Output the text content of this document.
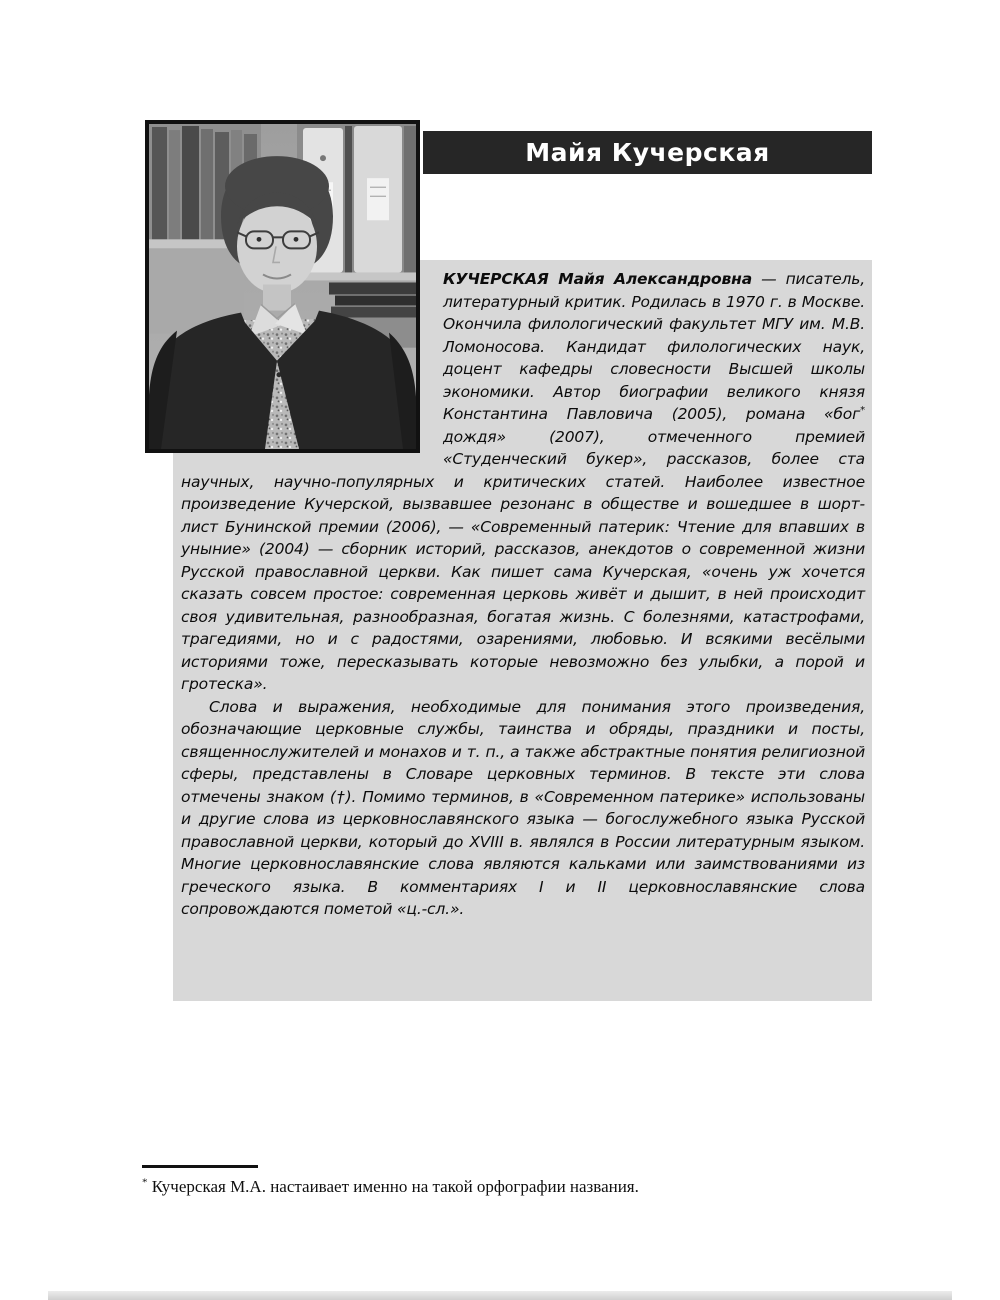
КУЧЕРСКАЯ Майя Александровна — писатель, литературный критик. Родилась в 1970 г. в Москве. Окончила филологический факультет МГУ им. М.В. Ломоносова. Кандидат филологических наук, доцент кафедры словесности Высшей школы экономики. Автор биографии великого князя Константина Павловича (2005), романа «бог* дождя» (2007), отмеченного премией «Студенческий букер», рассказов, более ста научных, научно-популярных и критических статей. Наиболее известное произведение Кучерской, вызвавшее резонанс в обществе и вошедшее в шорт-лист Бунинской премии (2006), — «Современный патерик: Чтение для впавших в уныние» (2004) — сборник историй, рассказов, анекдотов о современной жизни Русской православной церкви. Как пишет сама Кучерская, «очень уж хочется сказать совсем простое: современная церковь живёт и дышит, в ней происходит своя удивительная, разнообразная, богатая жизнь. С болезнями, катастрофами, трагедиями, но и с радостями, озарениями, любовью. И всякими весёлыми историями тоже, пересказывать которые невозможно без улыбки, а порой и гротеска».

Слова и выражения, необходимые для понимания этого произведения, обозначающие церковные службы, таинства и обряды, праздники и посты, священнослужителей и монахов и т. п., а также абстрактные понятия религиозной сферы, представлены в Словаре церковных терминов. В тексте эти слова отмечены знаком (†). Помимо терминов, в «Современном патерике» использованы и другие слова из церковнославянского языка — богослужебного языка Русской православной церкви, который до XVIII в. являлся в России литературным языком. Многие церковнославянские слова являются кальками или заимствованиями из греческого языка. В комментариях I и II церковнославянские слова сопровождаются пометой «ц.-сл.».

Майя Кучерская
* Кучерская М.А. настаивает именно на такой орфографии названия.
